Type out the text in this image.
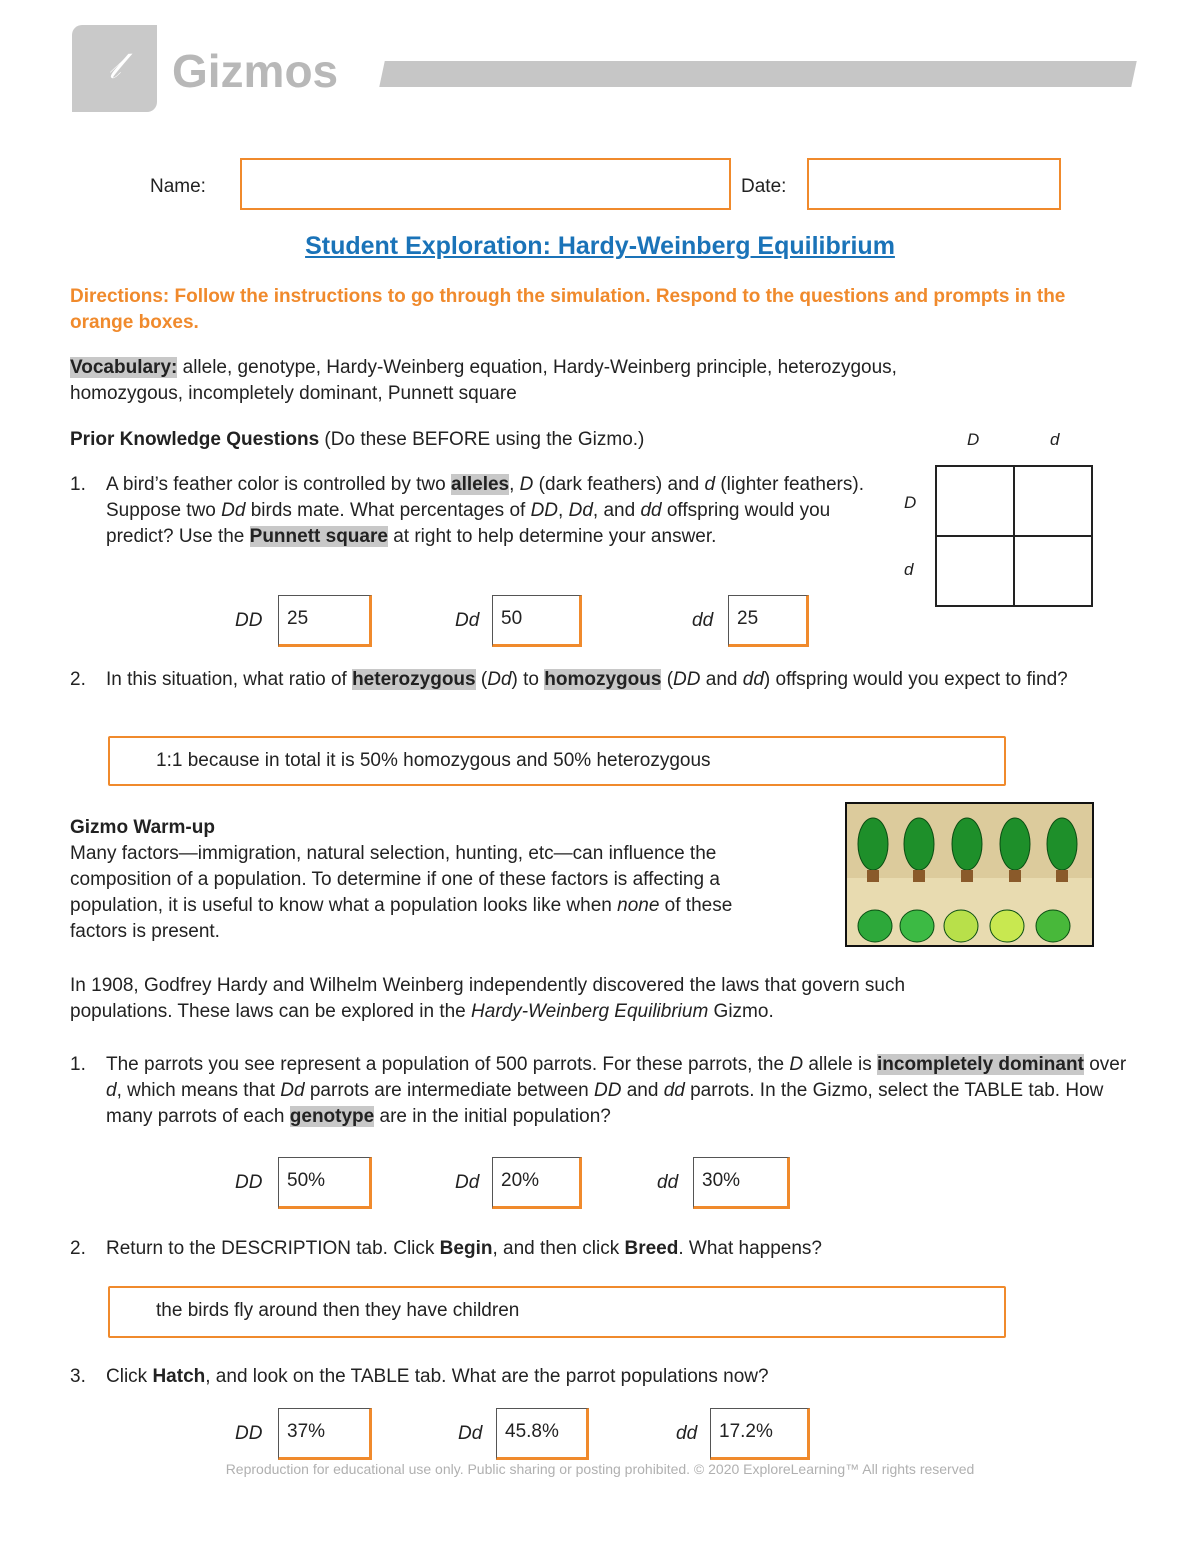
𝓁	Gizmos
Name:	Date:
Student Exploration: Hardy-Weinberg Equilibrium
Directions: Follow the instructions to go through the simulation. Respond to the questions and prompts in the orange boxes.
Vocabulary: allele, genotype, Hardy-Weinberg equation, Hardy-Weinberg principle, heterozygous,
homozygous, incompletely dominant, Punnett square
Prior Knowledge Questions (Do these BEFORE using the Gizmo.)	D	d
D
d
1. A bird’s feather color is controlled by two alleles, D (dark feathers) and d (lighter feathers). Suppose two Dd birds mate. What percentages of DD, Dd, and dd offspring would you predict? Use the Punnett square at right to help determine your answer.
DD	25	Dd	50	dd	25
2. In this situation, what ratio of heterozygous (Dd) to homozygous (DD and dd) offspring would you expect to find?
1:1 because in total it is 50% homozygous and 50% heterozygous
Gizmo Warm-up
Many factors—immigration, natural selection, hunting, etc—can influence the
composition of a population. To determine if one of these factors is affecting a
population, it is useful to know what a population looks like when none of these
factors is present.
In 1908, Godfrey Hardy and Wilhelm Weinberg independently discovered the laws that govern such
populations. These laws can be explored in the Hardy-Weinberg Equilibrium Gizmo.
1. The parrots you see represent a population of 500 parrots. For these parrots, the D allele is incompletely dominant over d, which means that Dd parrots are intermediate between DD and dd parrots. In the Gizmo, select the TABLE tab. How many parrots of each genotype are in the initial population?
DD	50%	Dd	20%	dd	30%
2. Return to the DESCRIPTION tab. Click Begin, and then click Breed. What happens?
the birds fly around then they have children
3. Click Hatch, and look on the TABLE tab. What are the parrot populations now?
DD	37%	Dd	45.8%	dd	17.2%
Reproduction for educational use only. Public sharing or posting prohibited. © 2020 ExploreLearning™ All rights reserved
